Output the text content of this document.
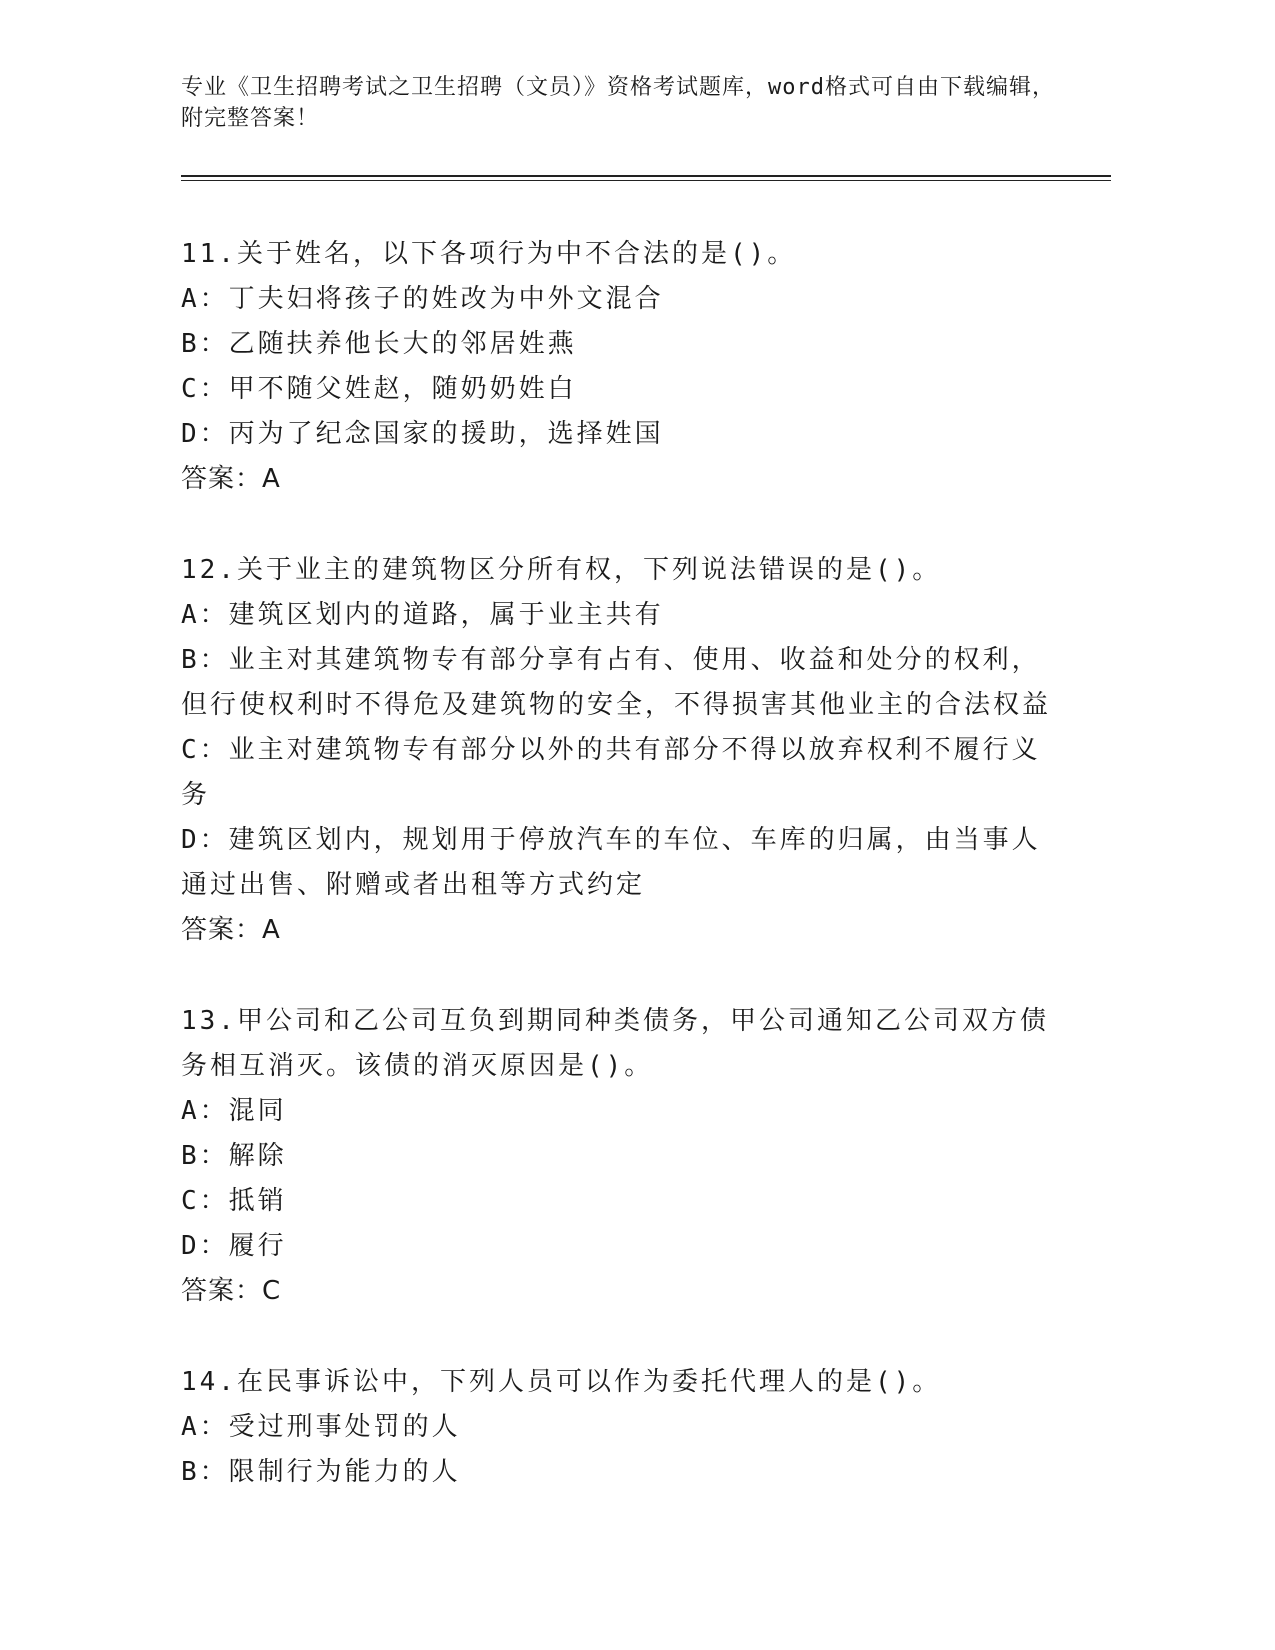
专业《卫生招聘考试之卫生招聘（文员）》资格考试题库，word格式可自由下载编辑，附完整答案！
11.关于姓名，以下各项行为中不合法的是()。
A： 丁夫妇将孩子的姓改为中外文混合
B： 乙随扶养他长大的邻居姓燕
C： 甲不随父姓赵，随奶奶姓白
D： 丙为了纪念国家的援助，选择姓国
答案：A
12.关于业主的建筑物区分所有权，下列说法错误的是()。
A： 建筑区划内的道路，属于业主共有
B：业主对其建筑物专有部分享有占有、使用、收益和处分的权利，但行使权利时不得危及建筑物的安全，不得损害其他业主的合法权益
C：业主对建筑物专有部分以外的共有部分不得以放弃权利不履行义务
D：建筑区划内，规划用于停放汽车的车位、车库的归属，由当事人通过出售、附赠或者出租等方式约定
答案：A
13.甲公司和乙公司互负到期同种类债务，甲公司通知乙公司双方债务相互消灭。该债的消灭原因是()。
A： 混同
B： 解除
C： 抵销
D： 履行
答案：C
14.在民事诉讼中，下列人员可以作为委托代理人的是()。
A： 受过刑事处罚的人
B： 限制行为能力的人
